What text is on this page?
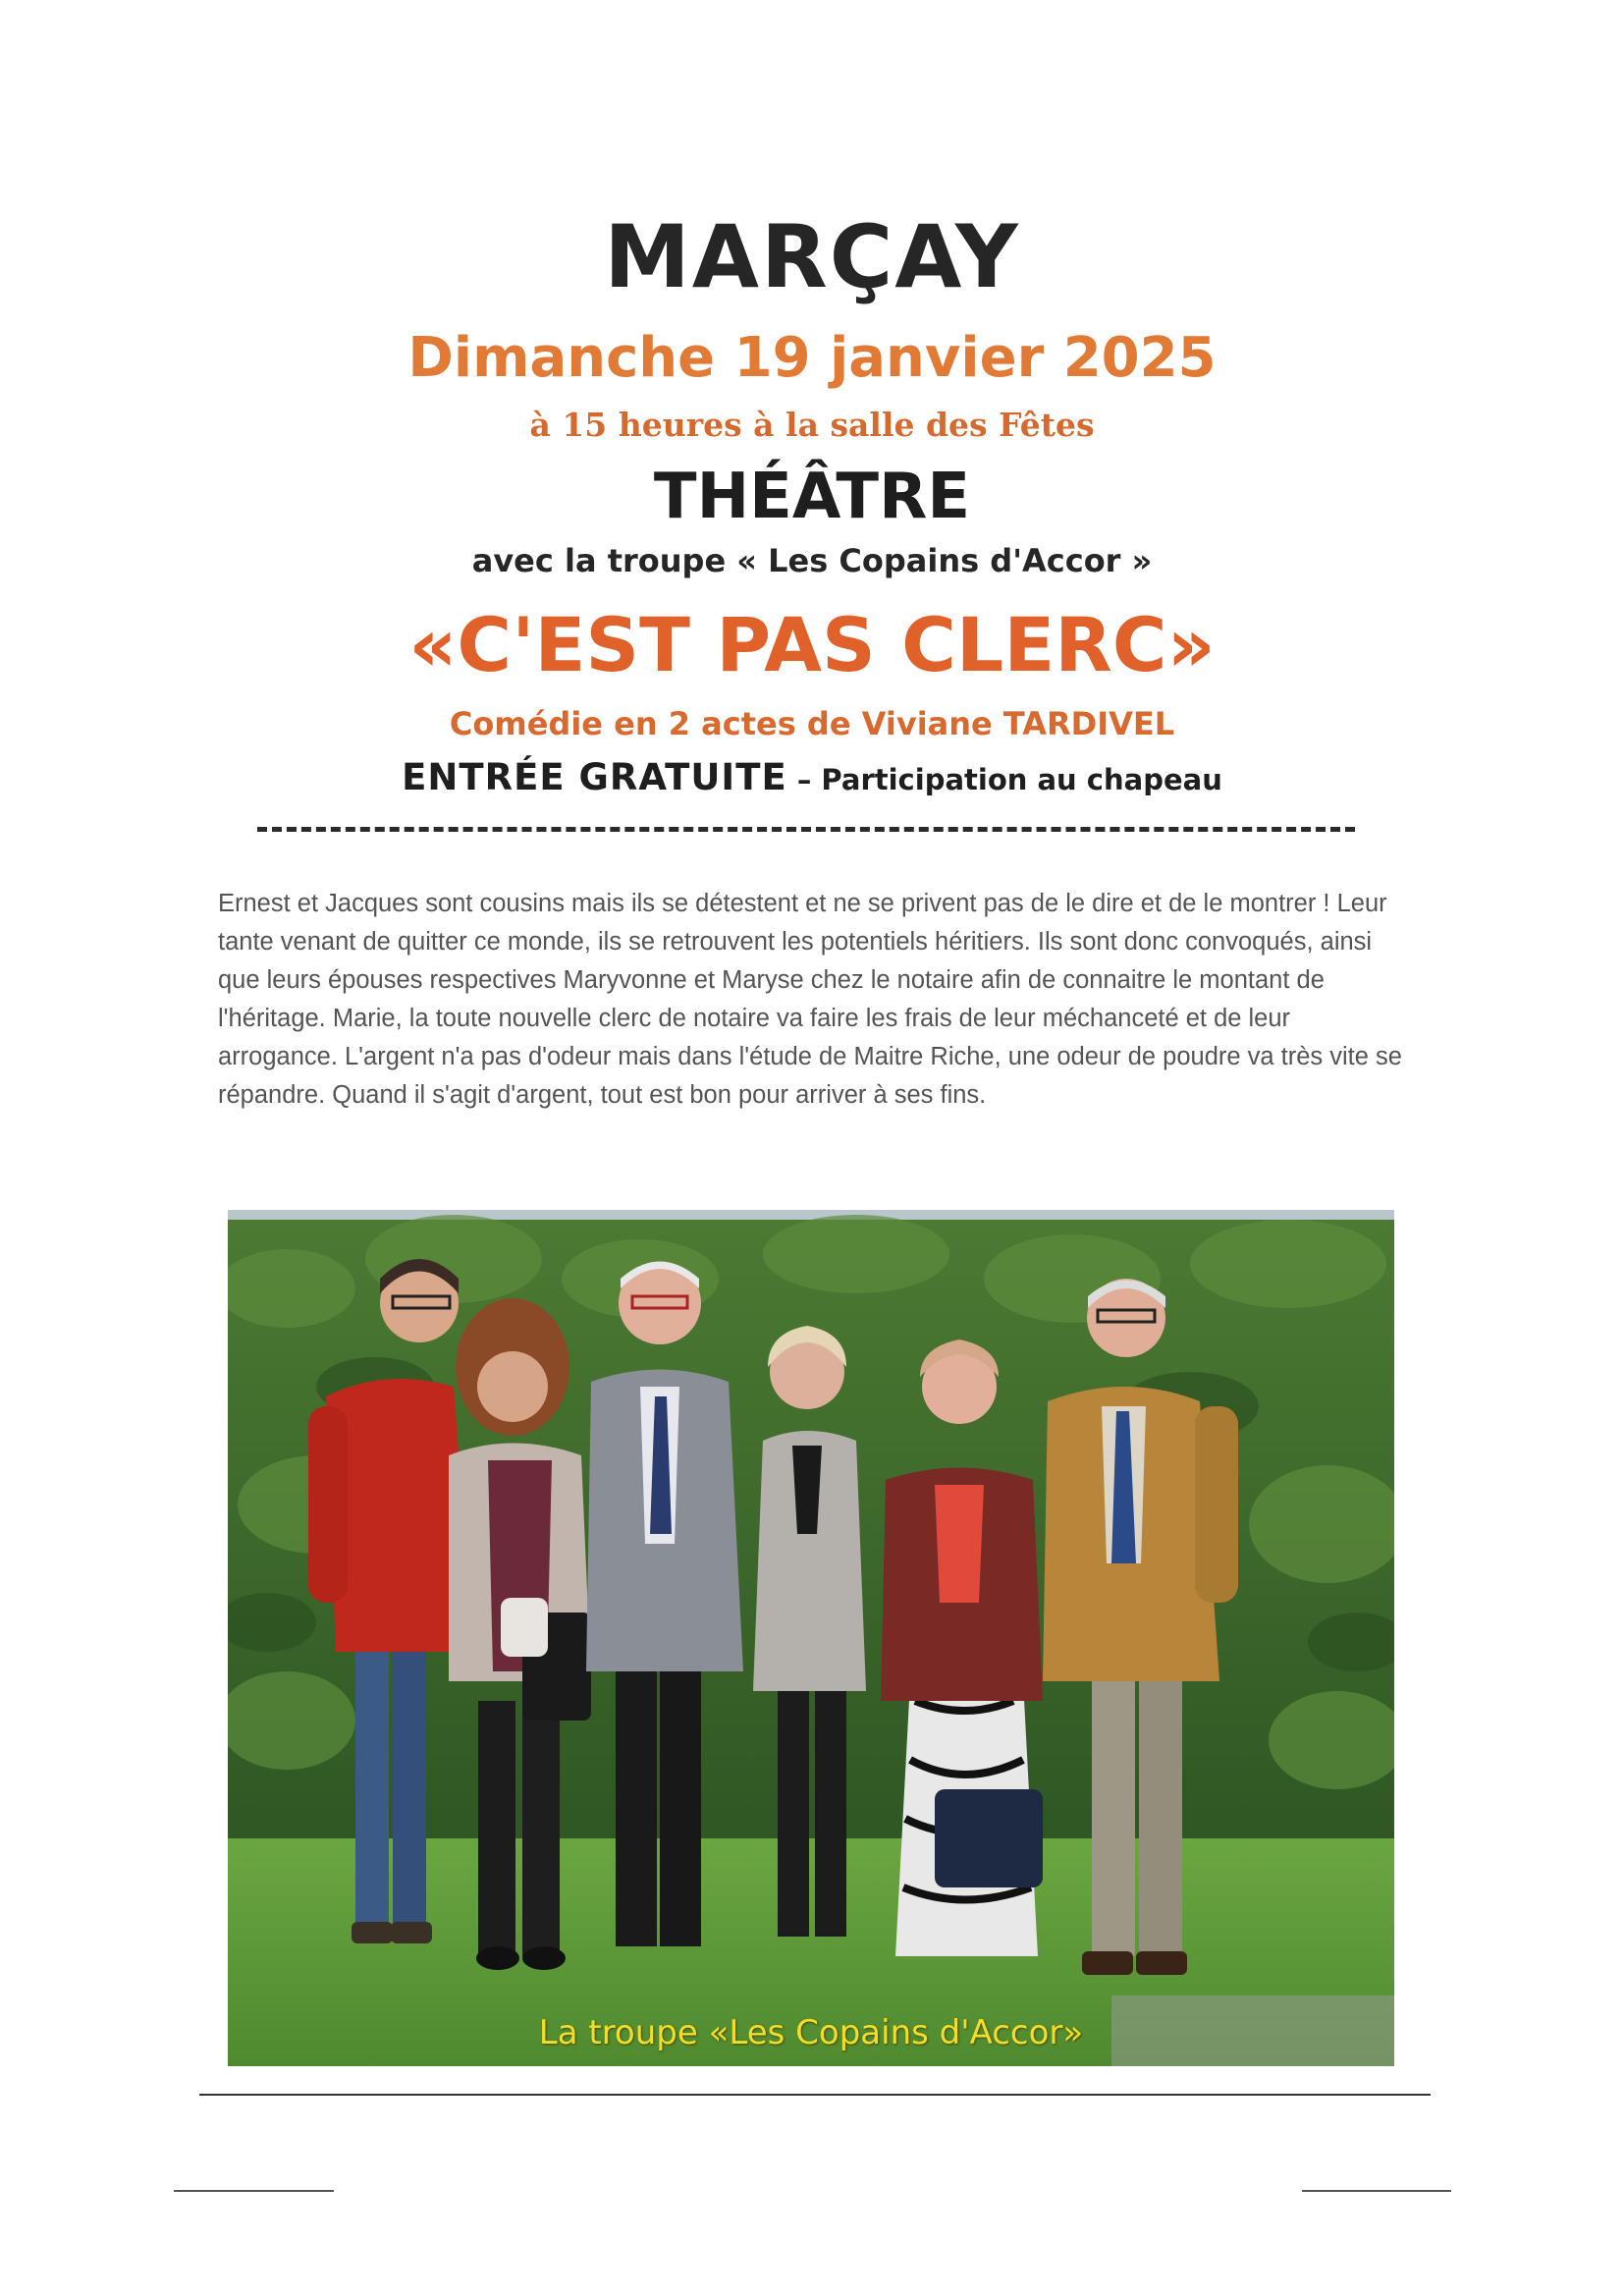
MARÇAY
Dimanche 19 janvier 2025
à 15 heures à la salle des Fêtes
THÉÂTRE
avec la troupe « Les Copains d'Accor »
«C'EST PAS CLERC»
Comédie en 2 actes de Viviane TARDIVEL
ENTRÉE GRATUITE – Participation au chapeau
Ernest et Jacques sont cousins mais ils se détestent et ne se privent pas de le dire et de le montrer ! Leur tante venant de quitter ce monde, ils se retrouvent les potentiels héritiers. Ils sont donc convoqués, ainsi que leurs épouses respectives Maryvonne et Maryse chez le notaire afin de connaitre le montant de l'héritage. Marie, la toute nouvelle clerc de notaire va faire les frais de leur méchanceté et de leur arrogance. L'argent n'a pas d'odeur mais dans l'étude de Maitre Riche, une odeur de poudre va très vite se répandre. Quand il s'agit d'argent, tout est bon pour arriver à ses fins.
La troupe «Les Copains d'Accor»
